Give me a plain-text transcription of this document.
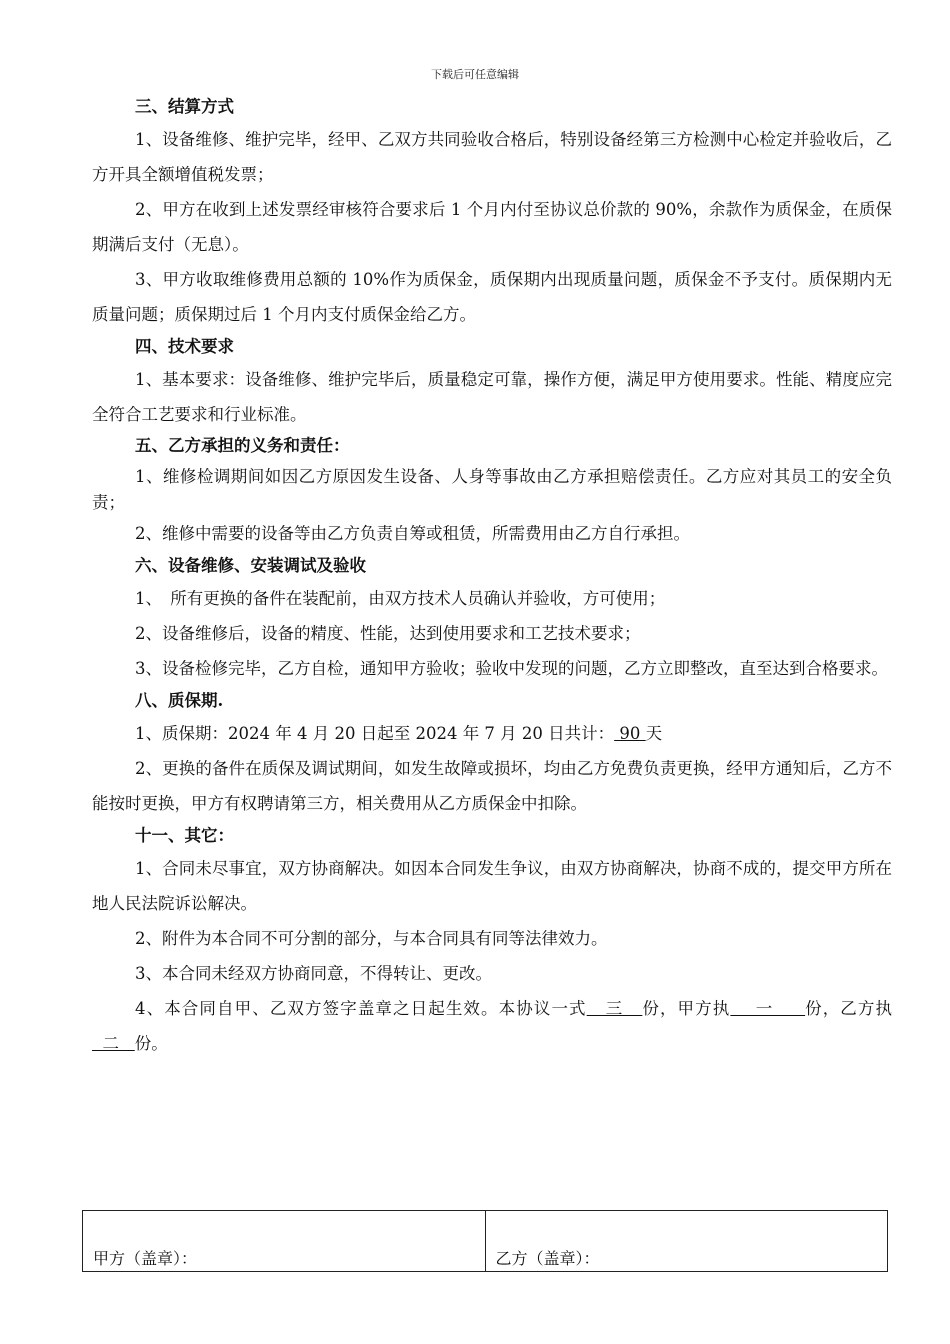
下载后可任意编辑
三、结算方式
1、设备维修、维护完毕，经甲、乙双方共同验收合格后，特别设备经第三方检测中心检定并验收后，乙方开具全额增值税发票；
2、甲方在收到上述发票经审核符合要求后 1 个月内付至协议总价款的 90%，余款作为质保金，在质保期满后支付（无息）。
3、甲方收取维修费用总额的 10%作为质保金，质保期内出现质量问题，质保金不予支付。质保期内无质量问题；质保期过后 1 个月内支付质保金给乙方。
四、技术要求
1、基本要求：设备维修、维护完毕后，质量稳定可靠，操作方便，满足甲方使用要求。性能、精度应完全符合工艺要求和行业标准。
五、乙方承担的义务和责任：
1、维修检调期间如因乙方原因发生设备、人身等事故由乙方承担赔偿责任。乙方应对其员工的安全负责；
2、维修中需要的设备等由乙方负责自筹或租赁，所需费用由乙方自行承担。
六、设备维修、安装调试及验收
1、　所有更换的备件在装配前，由双方技术人员确认并验收，方可使用；
2、设备维修后，设备的精度、性能，达到使用要求和工艺技术要求；
3、设备检修完毕，乙方自检，通知甲方验收；验收中发现的问题，乙方立即整改，直至达到合格要求。
八、质保期.
1、质保期：2024 年 4 月 20 日起至 2024 年 7 月 20 日共计： 90 天
2、更换的备件在质保及调试期间，如发生故障或损坏，均由乙方免费负责更换，经甲方通知后，乙方不能按时更换，甲方有权聘请第三方，相关费用从乙方质保金中扣除。
十一、其它：
1、合同未尽事宜，双方协商解决。如因本合同发生争议，由双方协商解决，协商不成的，提交甲方所在地人民法院诉讼解决。
2、附件为本合同不可分割的部分，与本合同具有同等法律效力。
3、本合同未经双方协商同意，不得转让、更改。
4、本合同自甲、乙双方签字盖章之日起生效。本协议一式   三   份，甲方执    一     份，乙方执  二   份。
甲方（盖章）：	乙方（盖章）：
